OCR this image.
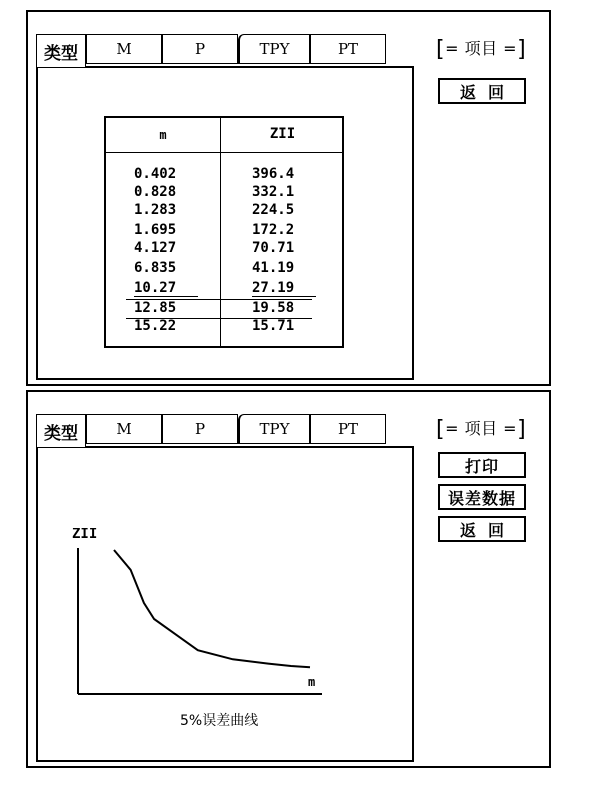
类型	M	P	TPY	PT
m	ZII
0.402	396.4
0.828	332.1
1.283	224.5
1.695	172.2
4.127	70.71
6.835	41.19
10.27	27.19
12.85	19.58
15.22	15.71
[= 项目 =]
返回
类型	M	P	TPY	PT
ZII
m
5%误差曲线
[= 项目 =]
打印
误差数据
返回
